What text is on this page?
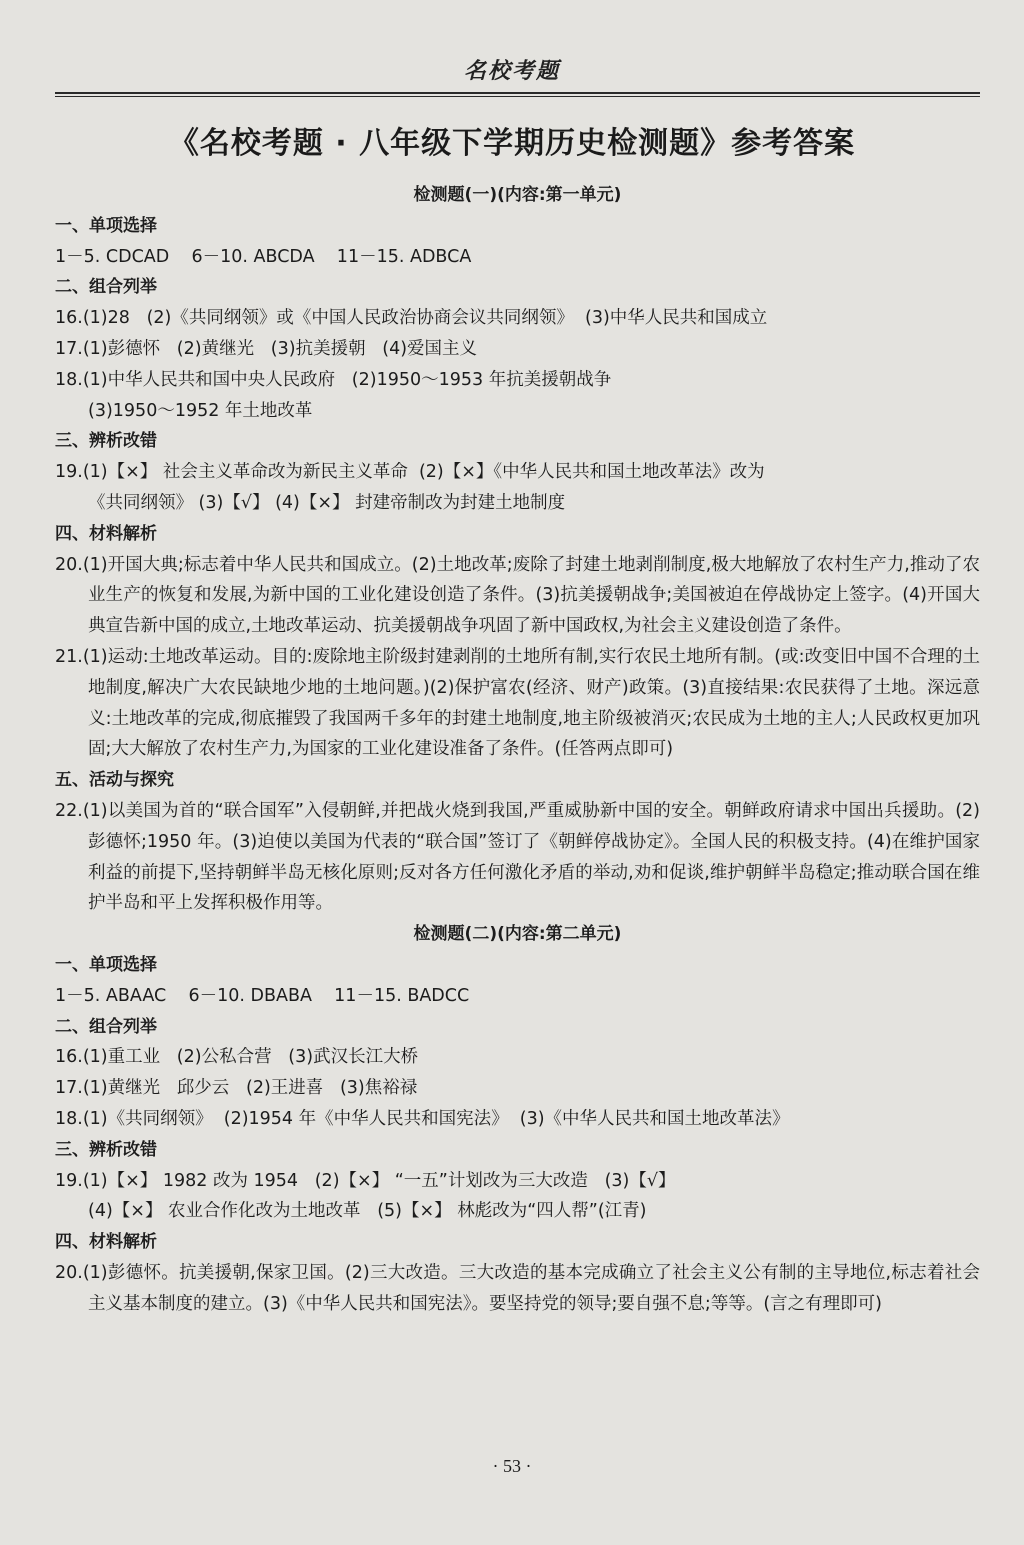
名校考题
《名校考题 · 八年级下学期历史检测题》参考答案
检测题(一)(内容:第一单元)
一、单项选择
1－5. CDCAD    6－10. ABCDA    11－15. ADBCA
二、组合列举
16.(1)28   (2)《共同纲领》或《中国人民政治协商会议共同纲领》  (3)中华人民共和国成立
17.(1)彭德怀   (2)黄继光   (3)抗美援朝   (4)爱国主义
18.(1)中华人民共和国中央人民政府   (2)1950～1953 年抗美援朝战争
(3)1950～1952 年土地改革
三、辨析改错
19.(1)【×】 社会主义革命改为新民主义革命  (2)【×】《中华人民共和国土地改革法》改为
《共同纲领》 (3)【√】 (4)【×】 封建帝制改为封建土地制度
四、材料解析
20.(1)开国大典;标志着中华人民共和国成立。(2)土地改革;废除了封建土地剥削制度,极大地解放了农村生产力,推动了农业生产的恢复和发展,为新中国的工业化建设创造了条件。(3)抗美援朝战争;美国被迫在停战协定上签字。(4)开国大典宣告新中国的成立,土地改革运动、抗美援朝战争巩固了新中国政权,为社会主义建设创造了条件。
21.(1)运动:土地改革运动。目的:废除地主阶级封建剥削的土地所有制,实行农民土地所有制。(或:改变旧中国不合理的土地制度,解决广大农民缺地少地的土地问题。)(2)保护富农(经济、财产)政策。(3)直接结果:农民获得了土地。深远意义:土地改革的完成,彻底摧毁了我国两千多年的封建土地制度,地主阶级被消灭;农民成为土地的主人;人民政权更加巩固;大大解放了农村生产力,为国家的工业化建设准备了条件。(任答两点即可)
五、活动与探究
22.(1)以美国为首的“联合国军”入侵朝鲜,并把战火烧到我国,严重威胁新中国的安全。朝鲜政府请求中国出兵援助。(2)彭德怀;1950 年。(3)迫使以美国为代表的“联合国”签订了《朝鲜停战协定》。全国人民的积极支持。(4)在维护国家利益的前提下,坚持朝鲜半岛无核化原则;反对各方任何激化矛盾的举动,劝和促谈,维护朝鲜半岛稳定;推动联合国在维护半岛和平上发挥积极作用等。
检测题(二)(内容:第二单元)
一、单项选择
1－5. ABAAC    6－10. DBABA    11－15. BADCC
二、组合列举
16.(1)重工业   (2)公私合营   (3)武汉长江大桥
17.(1)黄继光   邱少云   (2)王进喜   (3)焦裕禄
18.(1)《共同纲领》  (2)1954 年《中华人民共和国宪法》  (3)《中华人民共和国土地改革法》
三、辨析改错
19.(1)【×】 1982 改为 1954   (2)【×】 “一五”计划改为三大改造   (3)【√】
(4)【×】 农业合作化改为土地改革   (5)【×】 林彪改为“四人帮”(江青)
四、材料解析
20.(1)彭德怀。抗美援朝,保家卫国。(2)三大改造。三大改造的基本完成确立了社会主义公有制的主导地位,标志着社会主义基本制度的建立。(3)《中华人民共和国宪法》。要坚持党的领导;要自强不息;等等。(言之有理即可)
· 53 ·
